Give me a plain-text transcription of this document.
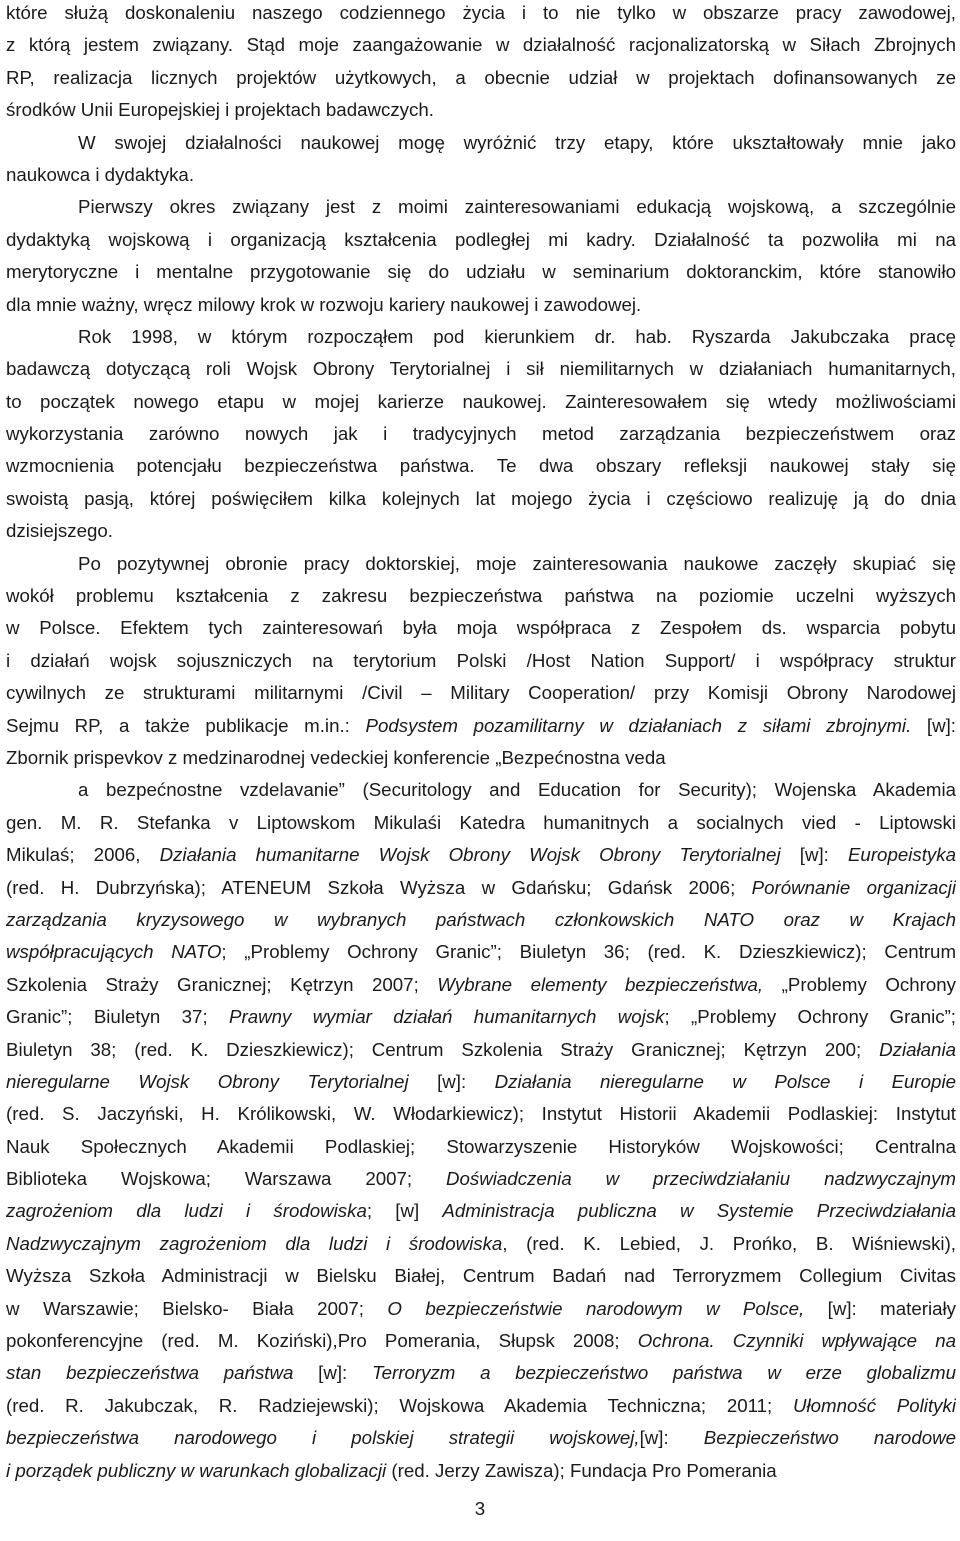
które służą doskonaleniu naszego codziennego życia i to nie tylko w obszarze pracy zawodowej,
z którą jestem związany. Stąd moje zaangażowanie w działalność racjonalizatorską w Siłach Zbrojnych
RP, realizacja licznych projektów użytkowych, a obecnie udział w projektach dofinansowanych ze
środków Unii Europejskiej i projektach badawczych.
W swojej działalności naukowej mogę wyróżnić trzy etapy, które ukształtowały mnie jako
naukowca i dydaktyka.
Pierwszy okres związany jest z moimi zainteresowaniami edukacją wojskową, a szczególnie
dydaktyką wojskową i organizacją kształcenia podległej mi kadry. Działalność ta pozwoliła mi na
merytoryczne i mentalne przygotowanie się do udziału w seminarium doktoranckim, które stanowiło
dla mnie ważny, wręcz milowy krok w rozwoju kariery naukowej i zawodowej.
Rok 1998, w którym rozpocząłem pod kierunkiem dr. hab. Ryszarda Jakubczaka pracę
badawczą dotyczącą roli Wojsk Obrony Terytorialnej i sił niemilitarnych w działaniach humanitarnych,
to początek nowego etapu w mojej karierze naukowej. Zainteresowałem się wtedy możliwościami
wykorzystania zarówno nowych jak i tradycyjnych metod zarządzania bezpieczeństwem oraz
wzmocnienia potencjału bezpieczeństwa państwa. Te dwa obszary refleksji naukowej stały się
swoistą pasją, której poświęciłem kilka kolejnych lat mojego życia i częściowo realizuję ją do dnia
dzisiejszego.
Po pozytywnej obronie pracy doktorskiej, moje zainteresowania naukowe zaczęły skupiać się
wokół problemu kształcenia z zakresu bezpieczeństwa państwa na poziomie uczelni wyższych
w Polsce. Efektem tych zainteresowań była moja współpraca z Zespołem ds. wsparcia pobytu
i działań wojsk sojuszniczych na terytorium Polski /Host Nation Support/ i współpracy struktur
cywilnych ze strukturami militarnymi /Civil – Military Cooperation/ przy Komisji Obrony Narodowej
Sejmu RP, a także publikacje m.in.: Podsystem pozamilitarny w działaniach z siłami zbrojnymi. [w]:
Zbornik prispevkov z medzinarodnej vedeckiej konferencie „Bezpećnostna veda
a bezpećnostne vzdelavanie” (Securitology and Education for Security); Wojenska Akademia
gen. M. R. Stefanka v Liptowskom Mikulaśi Katedra humanitnych a socialnych vied - Liptowski
Mikulaś; 2006, Działania humanitarne Wojsk Obrony Wojsk Obrony Terytorialnej [w]: Europeistyka
(red. H. Dubrzyńska); ATENEUM Szkoła Wyższa w Gdańsku; Gdańsk 2006; Porównanie organizacji
zarządzania kryzysowego w wybranych państwach członkowskich NATO oraz w Krajach
współpracujących NATO; „Problemy Ochrony Granic”; Biuletyn 36; (red. K. Dzieszkiewicz); Centrum
Szkolenia Straży Granicznej; Kętrzyn 2007; Wybrane elementy bezpieczeństwa, „Problemy Ochrony
Granic”; Biuletyn 37; Prawny wymiar działań humanitarnych wojsk; „Problemy Ochrony Granic”;
Biuletyn 38; (red. K. Dzieszkiewicz); Centrum Szkolenia Straży Granicznej; Kętrzyn 200; Działania
nieregularne Wojsk Obrony Terytorialnej [w]: Działania nieregularne w Polsce i Europie
(red. S. Jaczyński, H. Królikowski, W. Włodarkiewicz); Instytut Historii Akademii Podlaskiej: Instytut
Nauk Społecznych Akademii Podlaskiej; Stowarzyszenie Historyków Wojskowości; Centralna
Biblioteka Wojskowa; Warszawa 2007; Doświadczenia w przeciwdziałaniu nadzwyczajnym
zagrożeniom dla ludzi i środowiska; [w] Administracja publiczna w Systemie Przeciwdziałania
Nadzwyczajnym zagrożeniom dla ludzi i środowiska, (red. K. Lebied, J. Prońko, B. Wiśniewski),
Wyższa Szkoła Administracji w Bielsku Białej, Centrum Badań nad Terroryzmem Collegium Civitas
w Warszawie; Bielsko- Biała 2007; O bezpieczeństwie narodowym w Polsce, [w]: materiały
pokonferencyjne (red. M. Koziński),Pro Pomerania, Słupsk 2008; Ochrona. Czynniki wpływające na
stan bezpieczeństwa państwa [w]: Terroryzm a bezpieczeństwo państwa w erze globalizmu
(red. R. Jakubczak, R. Radziejewski); Wojskowa Akademia Techniczna; 2011; Ułomność Polityki
bezpieczeństwa narodowego i polskiej strategii wojskowej,[w]: Bezpieczeństwo narodowe
i porządek publiczny w warunkach globalizacji (red. Jerzy Zawisza); Fundacja Pro Pomerania
3
